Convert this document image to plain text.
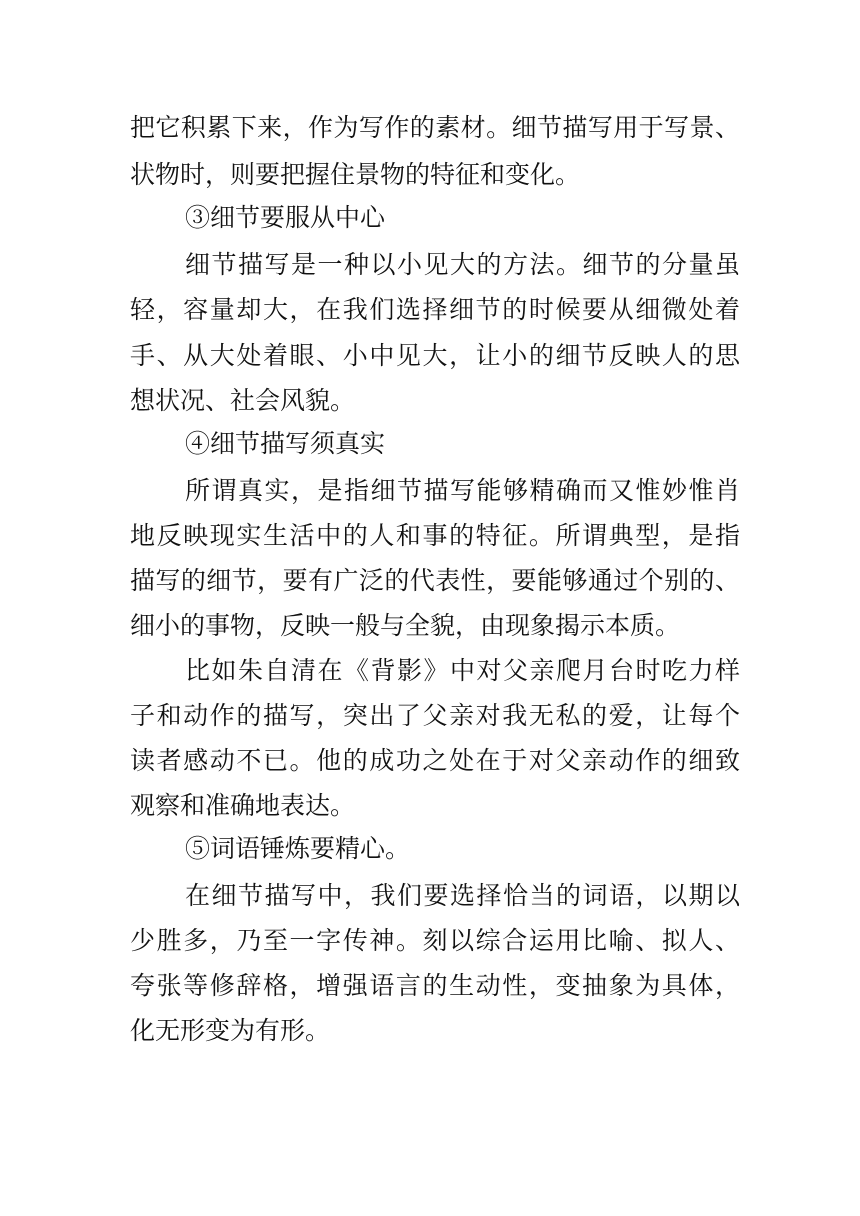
把它积累下来，作为写作的素材。细节描写用于写景、
状物时，则要把握住景物的特征和变化。
③细节要服从中心
细节描写是一种以小见大的方法。细节的分量虽
轻，容量却大，在我们选择细节的时候要从细微处着
手、从大处着眼、小中见大，让小的细节反映人的思
想状况、社会风貌。
④细节描写须真实
所谓真实，是指细节描写能够精确而又惟妙惟肖
地反映现实生活中的人和事的特征。所谓典型，是指
描写的细节，要有广泛的代表性，要能够通过个别的、
细小的事物，反映一般与全貌，由现象揭示本质。
比如朱自清在《背影》中对父亲爬月台时吃力样
子和动作的描写，突出了父亲对我无私的爱，让每个
读者感动不已。他的成功之处在于对父亲动作的细致
观察和准确地表达。
⑤词语锤炼要精心。
在细节描写中，我们要选择恰当的词语，以期以
少胜多，乃至一字传神。刻以综合运用比喻、拟人、
夸张等修辞格，增强语言的生动性，变抽象为具体，
化无形变为有形。
